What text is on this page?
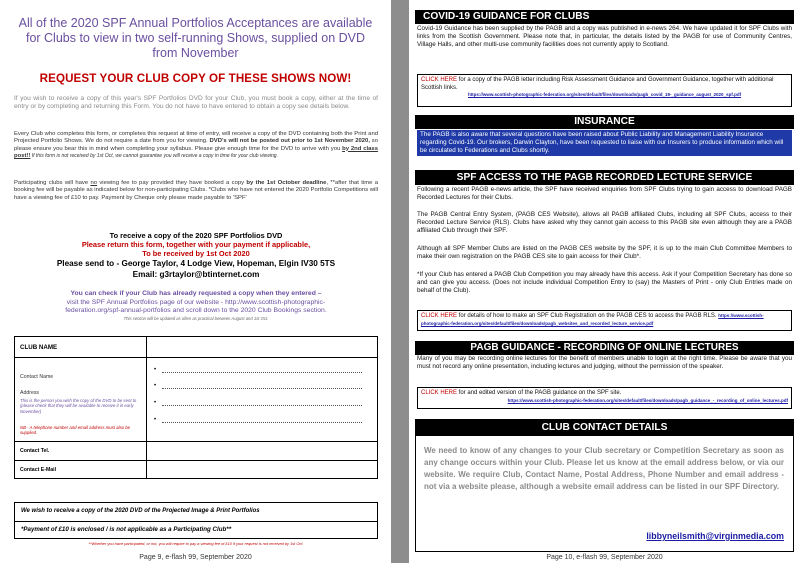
All of the 2020 SPF Annual Portfolios Acceptances are available for Clubs to view in two self-running Shows, supplied on DVD from November
REQUEST YOUR CLUB COPY OF THESE SHOWS NOW!
If you wish to receive a copy of this year's SPF Portfolios DVD for your Club, you must book a copy, either at the time of entry or by completing and returning this Form. You do not have to have entered to obtain a copy see details below.
Every Club who completes this form, or completes this request at time of entry, will receive a copy of the DVD containing both the Print and Projected Portfolio Shows. We do not require a date from you for viewing. DVD's will not be posted out prior to 1st November 2020, so please ensure you bear this in mind when completing your syllabus. Please give enough time for the DVD to arrive with you by 2nd class post!! If this form is not received by 1st Oct, we cannot guarantee you will receive a copy in time for your club viewing.
Participating clubs will have no viewing fee to pay provided they have booked a copy by the 1st October deadline, **after that time a booking fee will be payable as indicated below for non-participating Clubs. *Clubs who have not entered the 2020 Portfolio Competitions will have a viewing fee of £10 to pay. Payment by Cheque only please made payable to 'SPF'
To receive a copy of the 2020 SPF Portfolios DVD
Please return this form, together with your payment if applicable,
To be received by 1st Oct 2020
Please send to - George Taylor, 4 Lodge View, Hopeman, Elgin IV30 5TS
Email: g3rtaylor@btinternet.com
You can check if your Club has already requested a copy when they entered –
visit the SPF Annual Portfolios page of our website - http://www.scottish-photographic-
federation.org/spf-annual-portfolios and scroll down to the 2020 Club Bookings section.
This section will be updated as often as practical between August and 1st Oct.
CLUB NAME
Contact Name
Address
This is the person you wish the copy of the DVD to be sent to (please check that they will be available to receive it in early November)
NB - A telephone number and email address must also be supplied.
•
•
•
•
Contact Tel.
Contact E-Mail
We wish to receive a copy of the 2020 DVD of the Projected Image & Print Portfolios
*Payment of £10 is enclosed / is not applicable as a Participating Club**
**Whether you have participated, or not, you will require to pay a viewing fee of £10 if your request is not received by 1st Oct.
Page 9, e-flash 99, September 2020
COVID-19 GUIDANCE FOR CLUBS
Covid-19 Guidance has been supplied by the PAGB and a copy was published in e-news 264. We have updated it for SPF Clubs with links from the Scottish Government. Please note that, in particular, the details listed by the PAGB for use of Community Centres, Village Halls, and other multi-use community facilities does not currently apply to Scotland.
CLICK HERE for a copy of the PAGB letter including Risk Assessment Guidance and Government Guidance, together with additional Scottish links.
https://www.scottish-photographic-federation.org/sites/default/files/downloads/pagb_covid_19-_guidance_august_2020_spf.pdf
INSURANCE
The PAGB is also aware that several questions have been raised about Public Liability and Management Liability Insurance regarding Covid-19. Our brokers, Darwin Clayton, have been requested to liaise with our Insurers to produce information which will be circulated to Federations and Clubs shortly.
SPF ACCESS TO THE PAGB RECORDED LECTURE SERVICE
Following a recent PAGB e-news article, the SPF have received enquiries from SPF Clubs trying to gain access to download PAGB Recorded Lectures for their Clubs.
The PAGB Central Entry System, (PAGB CES Website), allows all PAGB affiliated Clubs, including all SPF Clubs, access to their Recorded Lecture Service (RLS). Clubs have asked why they cannot gain access to this PAGB site even although they are a PAGB affiliated Club through their SPF.
Although all SPF Member Clubs are listed on the PAGB CES website by the SPF, it is up to the main Club Committee Members to make their own registration on the PAGB CES site to gain access for their Club*.
*If your Club has entered a PAGB Club Competition you may already have this access. Ask if your Competition Secretary has done so and can give you access. (Does not include individual Competition Entry to (say) the Masters of Print - only Club Entries made on behalf of the Club).
CLICK HERE for details of how to make an SPF Club Registration on the PAGB CES to access the PAGB RLS. https://www.scottish-photographic-federation.org/sites/default/files/downloads/pagb_websites_and_recorded_lecture_service.pdf
PAGB GUIDANCE - RECORDING OF ONLINE LECTURES
Many of you may be recording online lectures for the benefit of members unable to login at the right time. Please be aware that you must not record any online presentation, including lectures and judging, without the permission of the speaker.
CLICK HERE for and edited version of the PAGB guidance on the SPF site.
https://www.scottish-photographic-federation.org/sites/default/files/downloads/pagb_guidance_-_recording_of_online_lectures.pdf
CLUB CONTACT DETAILS
We need to know of any changes to your Club secretary or Competition Secretary as soon as any change occurs within your Club. Please let us know at the email address below, or via our website. We require Club, Contact Name, Postal Address, Phone Number and email address - not via a website please, although a website email address can be listed in our SPF Directory.
libbyneilsmith@virginmedia.com
Page 10, e-flash 99, September 2020
